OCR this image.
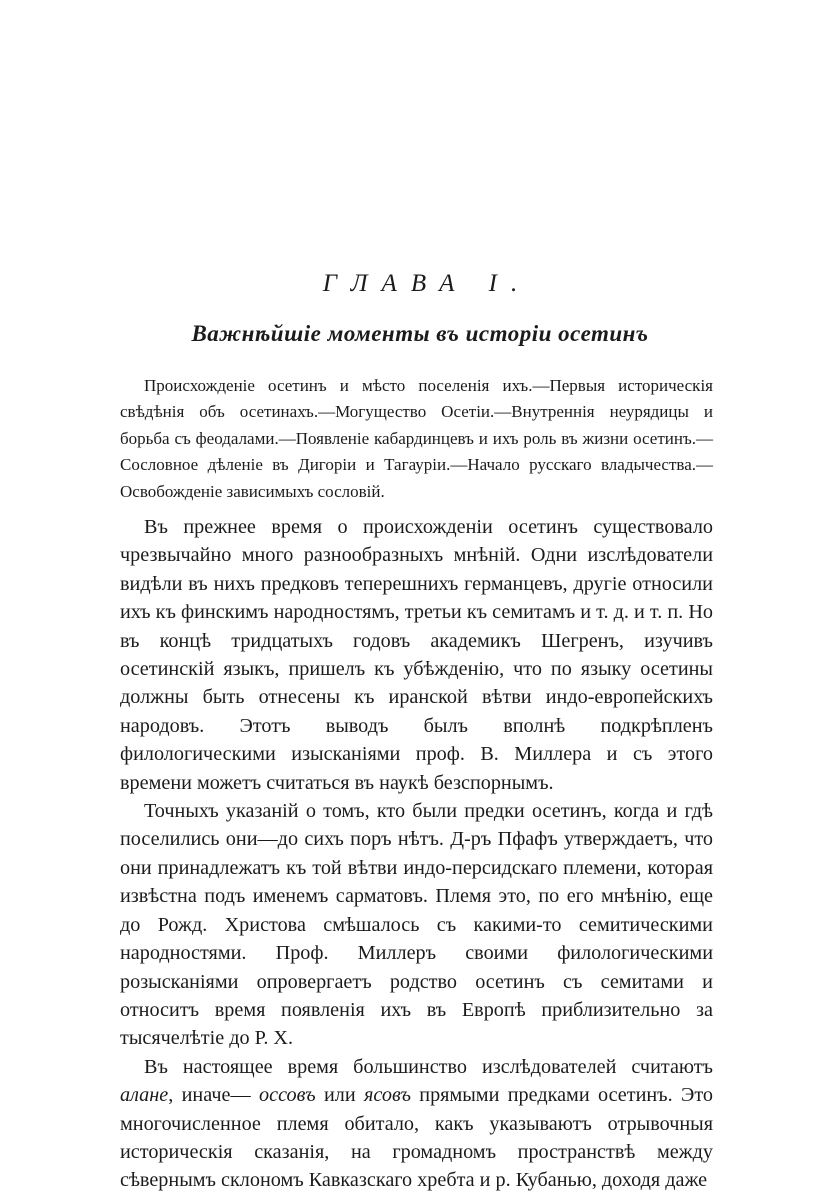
ГЛАВА I.
Важнѣйшіе моменты въ исторіи осетинъ

Происхожденіе осетинъ и мѣсто поселенія ихъ.—Первыя историческія свѣдѣнія объ осетинахъ.—Могущество Осетіи.—Внутреннія неурядицы и борьба съ феодалами.—Появленіе кабардинцевъ и ихъ роль въ жизни осетинъ.—Сословное дѣленіе въ Дигоріи и Тагауріи.—Начало русскаго владычества.—Освобожденіе зависимыхъ сословій.

Въ прежнее время о происхожденіи осетинъ существовало чрезвычайно много разнообразныхъ мнѣній. Одни изслѣдователи видѣли въ нихъ предковъ теперешнихъ германцевъ, другіе относили ихъ къ финскимъ народностямъ, третьи къ семитамъ и т. д. и т. п. Но въ концѣ тридцатыхъ годовъ академикъ Шегренъ, изучивъ осетинскій языкъ, пришелъ къ убѣжденію, что по языку осетины должны быть отнесены къ иранской вѣтви индо-европейскихъ народовъ. Этотъ выводъ былъ вполнѣ подкрѣпленъ филологическими изысканіями проф. В. Миллера и съ этого времени можетъ считаться въ наукѣ безспорнымъ.

Точныхъ указаній о томъ, кто были предки осетинъ, когда и гдѣ поселились они—до сихъ поръ нѣтъ. Д-ръ Пфафъ утверждаетъ, что они принадлежатъ къ той вѣтви индо-персидскаго племени, которая извѣстна подъ именемъ сарматовъ. Племя это, по его мнѣнію, еще до Рожд. Христова смѣшалось съ какими-то семитическими народностями. Проф. Миллеръ своими филологическими розысканіями опровергаетъ родство осетинъ съ семитами и относитъ время появленія ихъ въ Европѣ приблизительно за тысячелѣтіе до Р. Х.

Въ настоящее время большинство изслѣдователей считаютъ алане, иначе— оссовъ или ясовъ прямыми предками осетинъ. Это многочисленное племя обитало, какъ указываютъ отрывочныя историческія сказанія, на громадномъ пространствѣ между сѣвернымъ склономъ Кавказскаго хребта и р. Кубанью, доходя даже
